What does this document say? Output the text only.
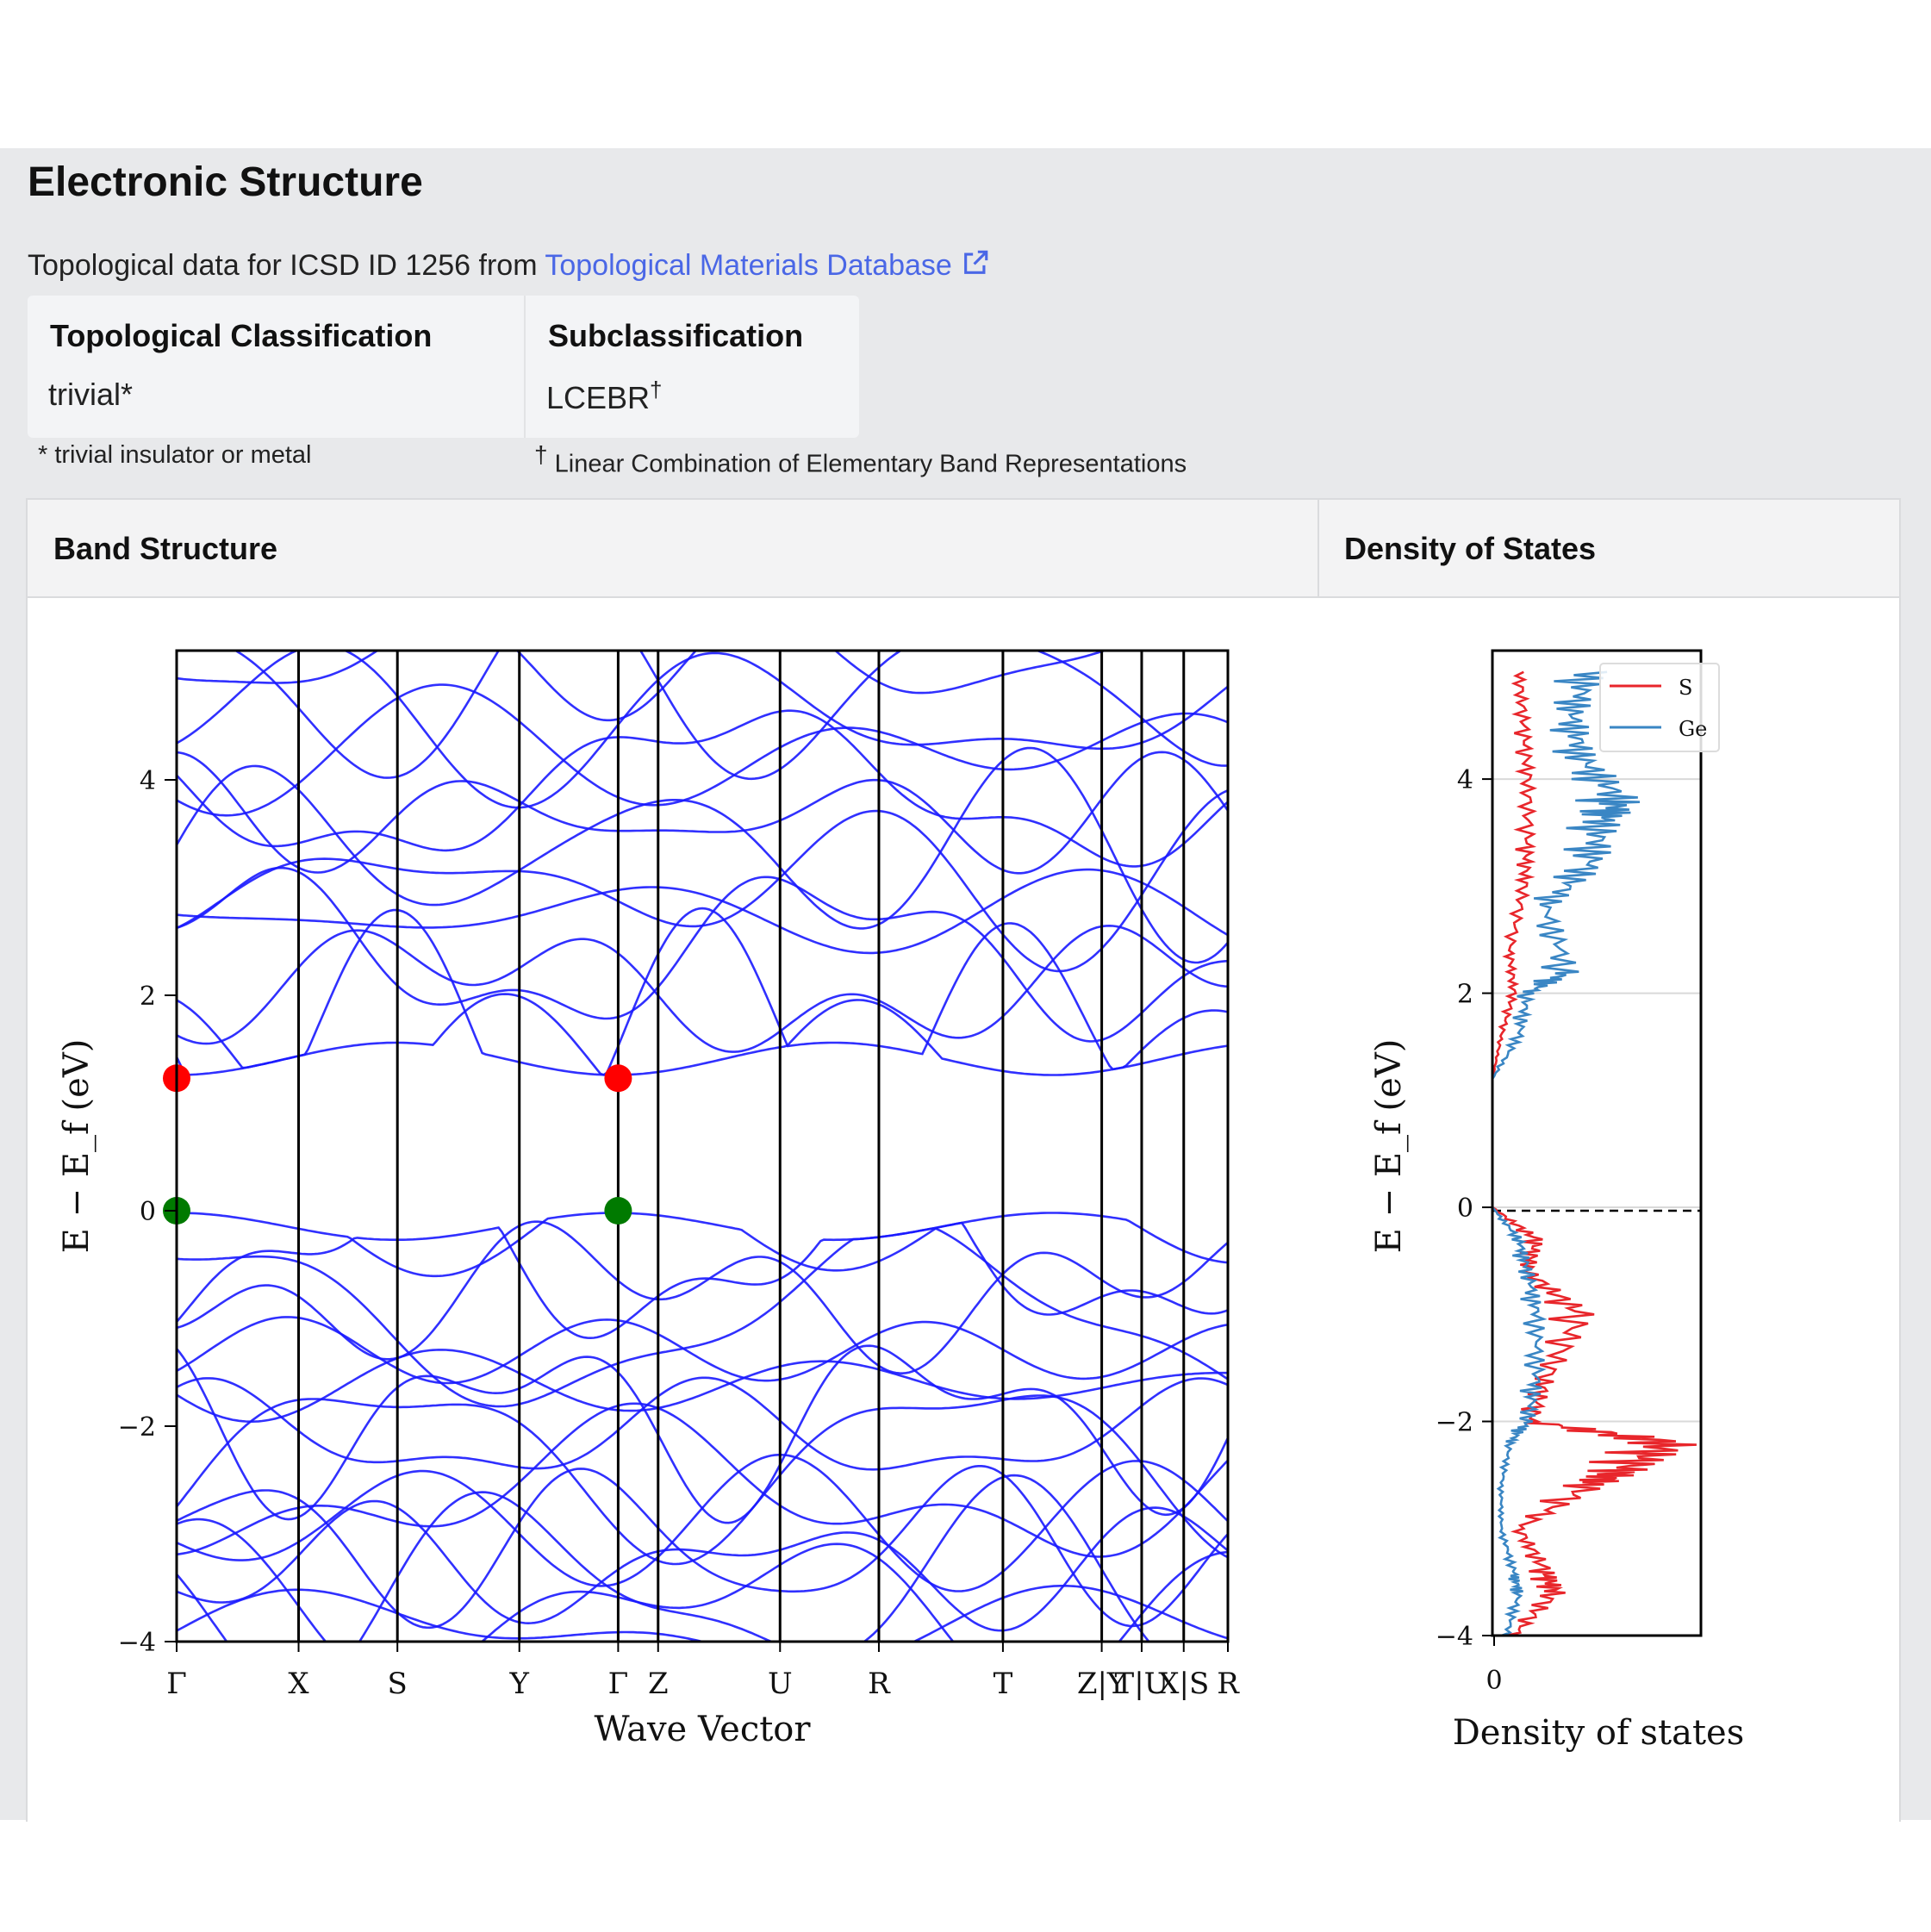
Electronic Structure
Topological data for ICSD ID 1256 from Topological Materials Database
Topological Classification
trivial*
Subclassification
LCEBR†
* trivial insulator or metal	† Linear Combination of Elementary Band Representations
Band Structure	Density of States
−4
−2
0
2
4
Γ	X	S	Y	Γ Z	U	R	T Z|Y
T|U
X|S R
Wave Vector
E − E_f (eV)
−4
−2
0
2
4
0
Density of states
E − E_f (eV)
S
Ge
